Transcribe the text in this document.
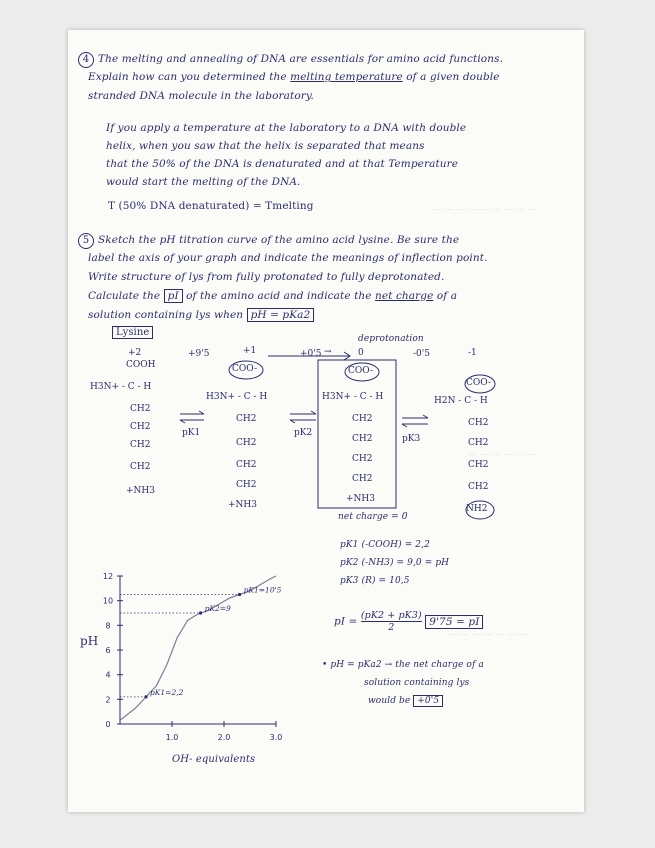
— — — — — — — — —
— — — — — —
— — — — — — —
4 The melting and annealing of DNA are essentials for amino acid functions.
Explain how can you determined the melting temperature of a given double
stranded DNA molecule in the laboratory.
If you apply a temperature at the laboratory to a DNA with double
helix, when you saw that the helix is separated that means
that the 50% of the DNA is denaturated and at that Temperature
would start the melting of the DNA.
T (50% DNA denaturated) = Tmelting
5 Sketch the pH titration curve of the amino acid lysine. Be sure the
label the axis of your graph and indicate the meanings of inflection point.
Write structure of lys from fully protonated to fully deprotonated.
Calculate the pI of the amino acid and indicate the net charge of a
solution containing lys when pH = pKa2
Lysine
deprotonation
→
+2	+1	0	-1
+9'5	+0'5	-0'5
COOH
H3N+ - C - H
CH2
CH2
CH2
CH2
+NH3
COO-
H3N+ - C - H
CH2
CH2
CH2
CH2
+NH3
COO-
H3N+ - C - H
CH2
CH2
CH2
CH2
+NH3
net charge = 0
COO-
H2N - C - H
CH2
CH2
CH2
CH2
NH2
pK1	pK2
pK3
pK1 (-COOH) = 2,2
pK2 (-NH3) = 9,0 = pH
pK3 (R) = 10,5
pI = $\frac{(pK2 + pK3)}{2} 9'75$ = pI
• pH = pKa2 → the net charge of a
solution containing lys
would be +0'5
0
2
4
6
8
10
12
1.0	2.0	3.0
pK1=2,2
pK2=9
pK1=10'5
pH
OH- equivalents
